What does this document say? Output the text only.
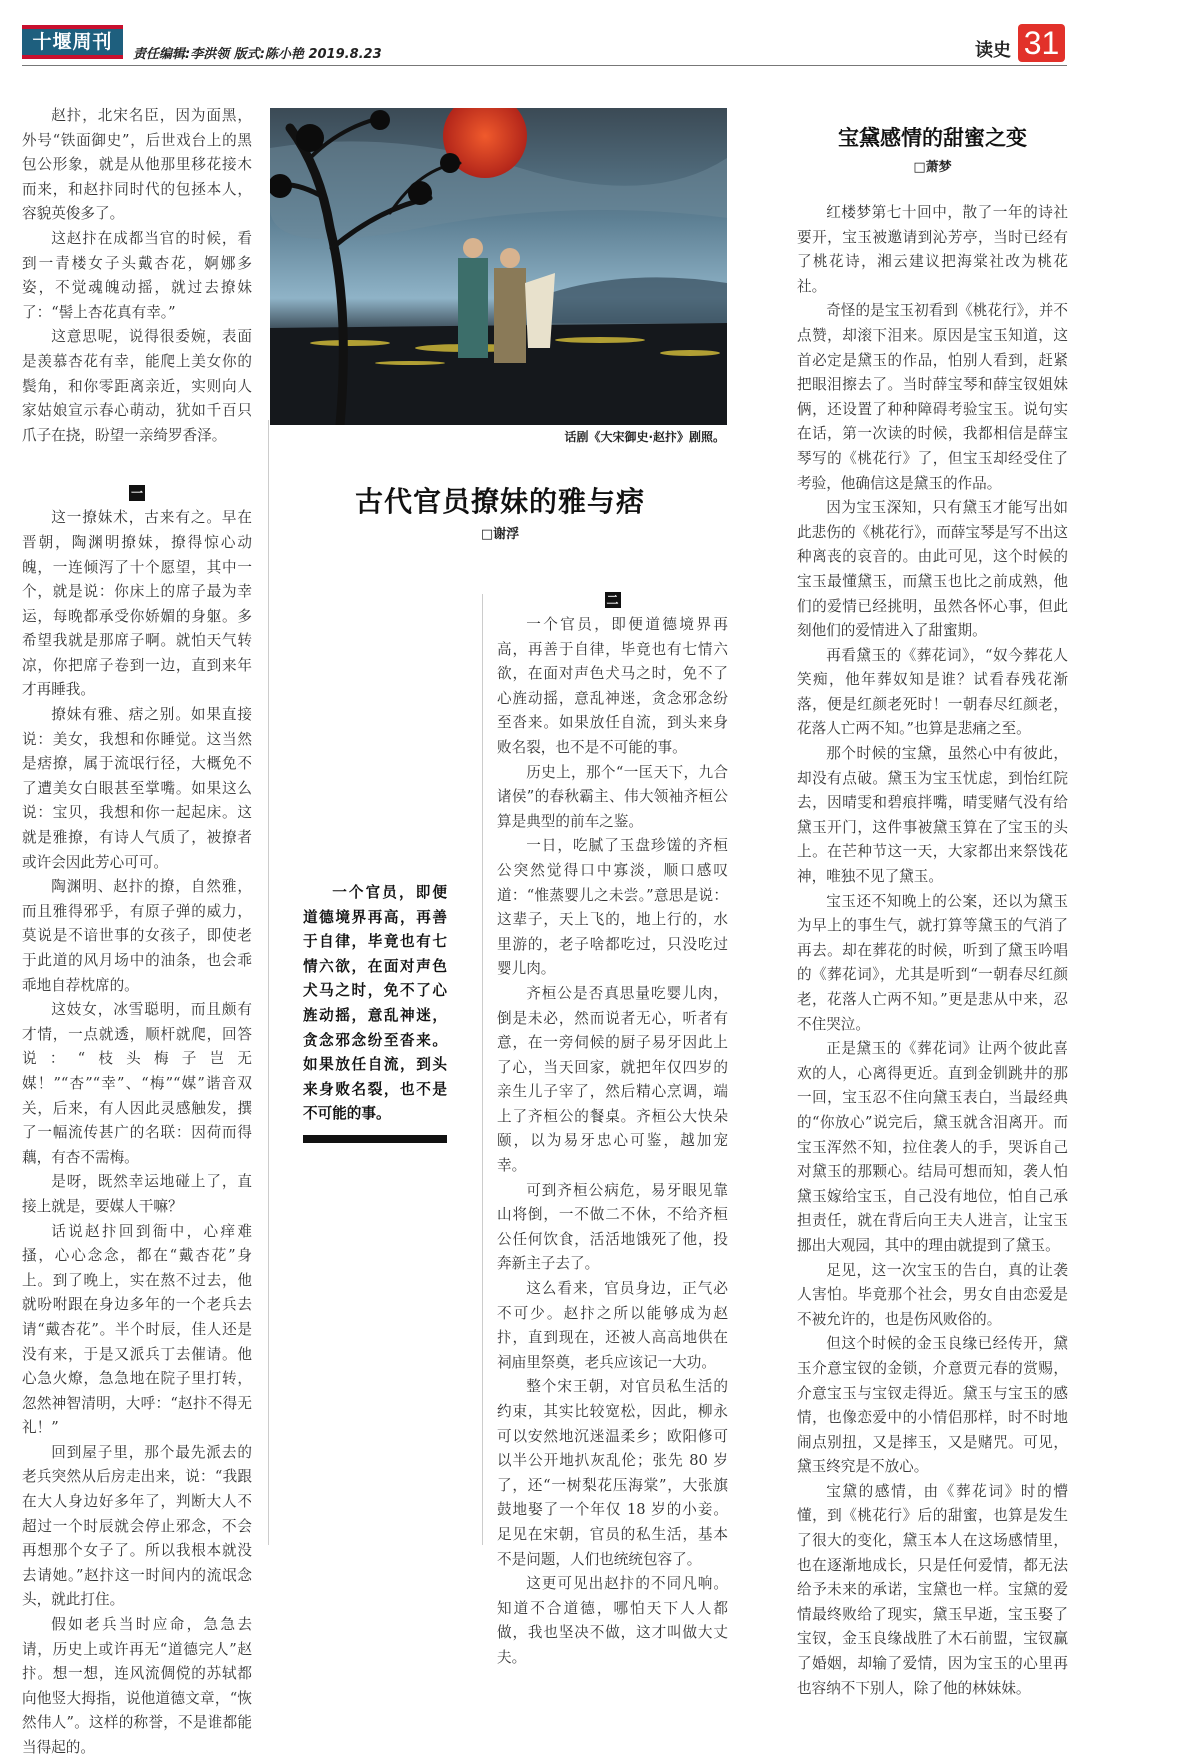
十堰周刊
责任编辑:李洪领 版式:陈小艳 2019.8.23	读史 31

赵抃，北宋名臣，因为面黑，外号“铁面御史”，后世戏台上的黑包公形象，就是从他那里移花接木而来，和赵抃同时代的包拯本人，容貌英俊多了。

这赵抃在成都当官的时候，看到一青楼女子头戴杏花，婀娜多姿，不觉魂魄动摇，就过去撩妹了：“髻上杏花真有幸。”

这意思呢，说得很委婉，表面是羡慕杏花有幸，能爬上美女你的鬓角，和你零距离亲近，实则向人家姑娘宣示春心萌动，犹如千百只爪子在挠，盼望一亲绮罗香泽。

一

这一撩妹术，古来有之。早在晋朝，陶渊明撩妹，撩得惊心动魄，一连倾泻了十个愿望，其中一个，就是说：你床上的席子最为幸运，每晚都承受你娇媚的身躯。多希望我就是那席子啊。就怕天气转凉，你把席子卷到一边，直到来年才再睡我。

撩妹有雅、痞之别。如果直接说：美女，我想和你睡觉。这当然是痞撩，属于流氓行径，大概免不了遭美女白眼甚至掌嘴。如果这么说：宝贝，我想和你一起起床。这就是雅撩，有诗人气质了，被撩者或许会因此芳心可可。

陶渊明、赵抃的撩，自然雅，而且雅得邪乎，有原子弹的威力，莫说是不谙世事的女孩子，即使老于此道的风月场中的油条，也会乖乖地自荐枕席的。

这妓女，冰雪聪明，而且颇有才情，一点就透，顺杆就爬，回答说：“枝头梅子岂无媒！”“杏”“幸”、“梅”“媒”谐音双关，后来，有人因此灵感触发，撰了一幅流传甚广的名联：因荷而得藕，有杏不需梅。

是呀，既然幸运地碰上了，直接上就是，要媒人干嘛？

话说赵抃回到衙中，心痒难搔，心心念念，都在“戴杏花”身上。到了晚上，实在熬不过去，他就吩咐跟在身边多年的一个老兵去请“戴杏花”。半个时辰，佳人还是没有来，于是又派兵丁去催请。他心急火燎，急急地在院子里打转，忽然神智清明，大呼：“赵抃不得无礼！”

回到屋子里，那个最先派去的老兵突然从后房走出来，说：“我跟在大人身边好多年了，判断大人不超过一个时辰就会停止邪念，不会再想那个女子了。所以我根本就没去请她。”赵抃这一时间内的流氓念头，就此打住。

假如老兵当时应命，急急去请，历史上或许再无“道德完人”赵抃。想一想，连风流倜傥的苏轼都向他竖大拇指，说他道德文章，“恢然伟人”。这样的称誉，不是谁都能当得起的。

话剧《大宋御史·赵抃》剧照。
古代官员撩妹的雅与痞
□谢浮

一个官员，即便道德境界再高，再善于自律，毕竟也有七情六欲，在面对声色犬马之时，免不了心旌动摇，意乱神迷，贪念邪念纷至沓来。如果放任自流，到头来身败名裂，也不是不可能的事。

二

一个官员，即便道德境界再高，再善于自律，毕竟也有七情六欲，在面对声色犬马之时，免不了心旌动摇，意乱神迷，贪念邪念纷至沓来。如果放任自流，到头来身败名裂，也不是不可能的事。

历史上，那个“一匡天下，九合诸侯”的春秋霸主、伟大领袖齐桓公算是典型的前车之鉴。

一日，吃腻了玉盘珍馐的齐桓公突然觉得口中寡淡，顺口感叹道：“惟蒸婴儿之未尝。”意思是说：这辈子，天上飞的，地上行的，水里游的，老子啥都吃过，只没吃过婴儿肉。

齐桓公是否真思量吃婴儿肉，倒是未必，然而说者无心，听者有意，在一旁伺候的厨子易牙因此上了心，当天回家，就把年仅四岁的亲生儿子宰了，然后精心烹调，端上了齐桓公的餐桌。齐桓公大快朵颐，以为易牙忠心可鉴，越加宠幸。

可到齐桓公病危，易牙眼见靠山将倒，一不做二不休，不给齐桓公任何饮食，活活地饿死了他，投奔新主子去了。

这么看来，官员身边，正气必不可少。赵抃之所以能够成为赵抃，直到现在，还被人高高地供在祠庙里祭奠，老兵应该记一大功。

整个宋王朝，对官员私生活的约束，其实比较宽松，因此，柳永可以安然地沉迷温柔乡；欧阳修可以半公开地扒灰乱伦；张先 80 岁了，还“一树梨花压海棠”，大张旗鼓地娶了一个年仅 18 岁的小妾。足见在宋朝，官员的私生活，基本不是问题，人们也统统包容了。

这更可见出赵抃的不同凡响。知道不合道德，哪怕天下人人都做，我也坚决不做，这才叫做大丈夫。

宝黛感情的甜蜜之变
□萧梦

红楼梦第七十回中，散了一年的诗社要开，宝玉被邀请到沁芳亭，当时已经有了桃花诗，湘云建议把海棠社改为桃花社。

奇怪的是宝玉初看到《桃花行》，并不点赞，却滚下泪来。原因是宝玉知道，这首必定是黛玉的作品，怕别人看到，赶紧把眼泪擦去了。当时薛宝琴和薛宝钗姐妹俩，还设置了种种障碍考验宝玉。说句实在话，第一次读的时候，我都相信是薛宝琴写的《桃花行》了，但宝玉却经受住了考验，他确信这是黛玉的作品。

因为宝玉深知，只有黛玉才能写出如此悲伤的《桃花行》，而薛宝琴是写不出这种离丧的哀音的。由此可见，这个时候的宝玉最懂黛玉，而黛玉也比之前成熟，他们的爱情已经挑明，虽然各怀心事，但此刻他们的爱情进入了甜蜜期。

再看黛玉的《葬花词》，“奴今葬花人笑痴，他年葬奴知是谁？试看春残花渐落，便是红颜老死时！一朝春尽红颜老，花落人亡两不知。”也算是悲痛之至。

那个时候的宝黛，虽然心中有彼此，却没有点破。黛玉为宝玉忧虑，到怡红院去，因晴雯和碧痕拌嘴，晴雯赌气没有给黛玉开门，这件事被黛玉算在了宝玉的头上。在芒种节这一天，大家都出来祭饯花神，唯独不见了黛玉。

宝玉还不知晚上的公案，还以为黛玉为早上的事生气，就打算等黛玉的气消了再去。却在葬花的时候，听到了黛玉吟唱的《葬花词》，尤其是听到“一朝春尽红颜老，花落人亡两不知。”更是悲从中来，忍不住哭泣。

正是黛玉的《葬花词》让两个彼此喜欢的人，心离得更近。直到金钏跳井的那一回，宝玉忍不住向黛玉表白，当最经典的“你放心”说完后，黛玉就含泪离开。而宝玉浑然不知，拉住袭人的手，哭诉自己对黛玉的那颗心。结局可想而知，袭人怕黛玉嫁给宝玉，自己没有地位，怕自己承担责任，就在背后向王夫人进言，让宝玉挪出大观园，其中的理由就提到了黛玉。

足见，这一次宝玉的告白，真的让袭人害怕。毕竟那个社会，男女自由恋爱是不被允许的，也是伤风败俗的。

但这个时候的金玉良缘已经传开，黛玉介意宝钗的金锁，介意贾元春的赏赐，介意宝玉与宝钗走得近。黛玉与宝玉的感情，也像恋爱中的小情侣那样，时不时地闹点别扭，又是摔玉，又是赌咒。可见，黛玉终究是不放心。

宝黛的感情，由《葬花词》时的懵懂，到《桃花行》后的甜蜜，也算是发生了很大的变化，黛玉本人在这场感情里，也在逐渐地成长，只是任何爱情，都无法给予未来的承诺，宝黛也一样。宝黛的爱情最终败给了现实，黛玉早逝，宝玉娶了宝钗，金玉良缘战胜了木石前盟，宝钗赢了婚姻，却输了爱情，因为宝玉的心里再也容纳不下别人，除了他的林妹妹。
